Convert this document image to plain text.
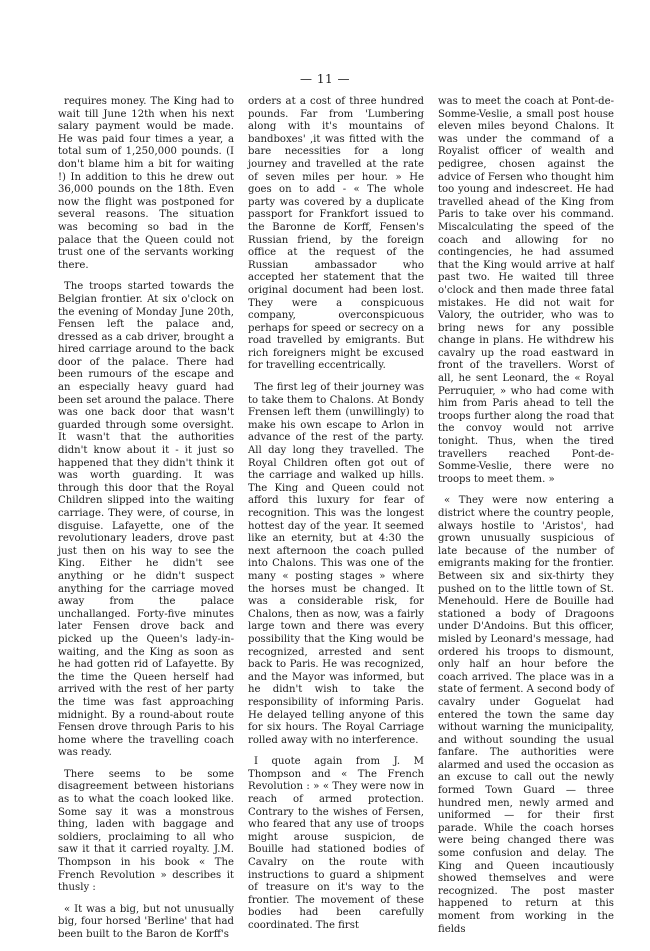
— 11 —

requires money. The King had to wait till June 12th when his next salary payment would be made. He was paid four times a year, a total sum of 1,250,000 pounds. (I don't blame him a bit for waiting !) In addition to this he drew out 36,000 pounds on the 18th. Even now the flight was postponed for several reasons. The situation was becoming so bad in the palace that the Queen could not trust one of the servants working there.

The troops started towards the Belgian frontier. At six o'clock on the evening of Monday June 20th, Fensen left the palace and, dressed as a cab driver, brought a hired carriage around to the back door of the palace. There had been rumours of the escape and an especially heavy guard had been set around the palace. There was one back door that wasn't guarded through some oversight. It wasn't that the authorities didn't know about it - it just so happened that they didn't think it was worth guarding. It was through this door that the Royal Children slipped into the waiting carriage. They were, of course, in disguise. Lafayette, one of the revolutionary leaders, drove past just then on his way to see the King. Either he didn't see anything or he didn't suspect anything for the carriage moved away from the palace unchallanged. Forty-five minutes later Fensen drove back and picked up the Queen's lady-in-waiting, and the King as soon as he had gotten rid of Lafayette. By the time the Queen herself had arrived with the rest of her party the time was fast approaching midnight. By a round-about route Fensen drove through Paris to his home where the travelling coach was ready.

There seems to be some disagreement between historians as to what the coach looked like. Some say it was a monstrous thing, laden with baggage and soldiers, proclaiming to all who saw it that it carried royalty. J.M. Thompson in his book « The French Revolution » describes it thusly :

« It was a big, but not unusually big, four horsed 'Berline' that had been built to the Baron de Korff's

orders at a cost of three hundred pounds. Far from 'Lumbering along with it's mountains of bandboxes' ,it was fitted with the bare necessities for a long journey and travelled at the rate of seven miles per hour. » He goes on to add - « The whole party was covered by a duplicate passport for Frankfort issued to the Baronne de Korff, Fensen's Russian friend, by the foreign office at the request of the Russian ambassador who accepted her statement that the original document had been lost. They were a conspicuous company, overconspicuous perhaps for speed or secrecy on a road travelled by emigrants. But rich foreigners might be excused for travelling eccentrically.

The first leg of their journey was to take them to Chalons. At Bondy Frensen left them (unwillingly) to make his own escape to Arlon in advance of the rest of the party. All day long they travelled. The Royal Children often got out of the carriage and walked up hills. The King and Queen could not afford this luxury for fear of recognition. This was the longest hottest day of the year. It seemed like an eternity, but at 4:30 the next afternoon the coach pulled into Chalons. This was one of the many « posting stages » where the horses must be changed. It was a considerable risk, for Chalons, then as now, was a fairly large town and there was every possibility that the King would be recognized, arrested and sent back to Paris. He was recognized, and the Mayor was informed, but he didn't wish to take the responsibility of informing Paris. He delayed telling anyone of this for six hours. The Royal Carriage rolled away with no interference.

I quote again from J. M Thompson and « The French Revolution : » « They were now in reach of armed protection. Contrary to the wishes of Fersen, who feared that any use of troops might arouse suspicion, de Bouille had stationed bodies of Cavalry on the route with instructions to guard a shipment of treasure on it's way to the frontier. The movement of these bodies had been carefully coordinated. The first

was to meet the coach at Pont-de-Somme-Veslie, a small post house eleven miles beyond Chalons. It was under the command of a Royalist officer of wealth and pedigree, chosen against the advice of Fersen who thought him too young and indescreet. He had travelled ahead of the King from Paris to take over his command. Miscalculating the speed of the coach and allowing for no contingencies, he had assumed that the King would arrive at half past two. He waited till three o'clock and then made three fatal mistakes. He did not wait for Valory, the outrider, who was to bring news for any possible change in plans. He withdrew his cavalry up the road eastward in front of the travellers. Worst of all, he sent Leonard, the « Royal Perruquier, » who had come with him from Paris ahead to tell the troops further along the road that the convoy would not arrive tonight. Thus, when the tired travellers reached Pont-de-Somme-Veslie, there were no troops to meet them. »

« They were now entering a district where the country people, always hostile to 'Aristos', had grown unusually suspicious of late because of the number of emigrants making for the frontier. Between six and six-thirty they pushed on to the little town of St. Menehould. Here de Bouille had stationed a body of Dragoons under D'Andoins. But this officer, misled by Leonard's message, had ordered his troops to dismount, only half an hour before the coach arrived. The place was in a state of ferment. A second body of cavalry under Goguelat had entered the town the same day without warning the municipality, and without sounding the usual fanfare. The authorities were alarmed and used the occasion as an excuse to call out the newly formed Town Guard — three hundred men, newly armed and uniformed — for their first parade. While the coach horses were being changed there was some confusion and delay. The King and Queen incautiously showed themselves and were recognized. The post master happened to return at this moment from working in the fields
